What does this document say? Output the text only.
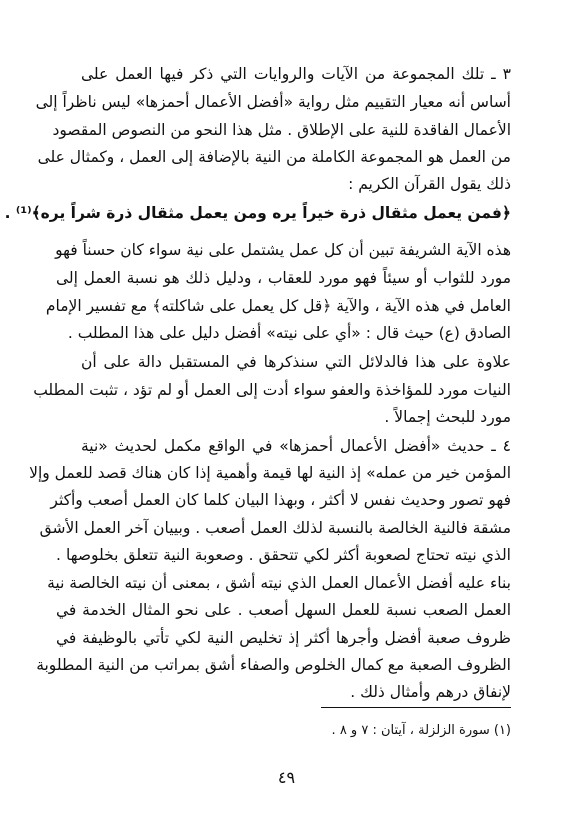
٣ ـ تلك المجموعة من الآيات والروايات التي ذكر فيها العمل على
أساس أنه معيار التقييم مثل رواية «أفضل الأعمال أحمزها» ليس ناظراً إلى
الأعمال الفاقدة للنية على الإطلاق . مثل هذا النحو من النصوص المقصود
من العمل هو المجموعة الكاملة من النية بالإضافة إلى العمل ، وكمثال على
ذلك يقول القرآن الكريم :
﴿فمن يعمل مثقال ذرة خيراً يره ومن يعمل مثقال ذرة شراً يره﴾⁽¹⁾ .
هذه الآية الشريفة تبين أن كل عمل يشتمل على نية سواء كان حسناً فهو
مورد للثواب أو سيئاً فهو مورد للعقاب ، ودليل ذلك هو نسبة العمل إلى
العامل في هذه الآية ، والآية ﴿قل كل يعمل على شاكلته﴾ مع تفسير الإمام
الصادق (ع) حيث قال : «أي على نيته» أفضل دليل على هذا المطلب .
علاوة على هذا فالدلائل التي سنذكرها في المستقبل دالة على أن
النيات مورد للمؤاخذة والعفو سواء أدت إلى العمل أو لم تؤد ، تثبت المطلب
مورد للبحث إجمالاً .
٤ ـ حديث «أفضل الأعمال أحمزها» في الواقع مكمل لحديث «نية
المؤمن خير من عمله» إذ النية لها قيمة وأهمية إذا كان هناك قصد للعمل وإلا
فهو تصور وحديث نفس لا أكثر ، وبهذا البيان كلما كان العمل أصعب وأكثر
مشقة فالنية الخالصة بالنسبة لذلك العمل أصعب . وبييان آخر العمل الأشق
الذي نيته تحتاج لصعوبة أكثر لكي تتحقق . وصعوبة النية تتعلق بخلوصها .
بناء عليه أفضل الأعمال العمل الذي نيته أشق ، بمعنى أن نيته الخالصة نية
العمل الصعب نسبة للعمل السهل أصعب . على نحو المثال الخدمة في
ظروف صعبة أفضل وأجرها أكثر إذ تخليص النية لكي تأتي بالوظيفة في
الظروف الصعبة مع كمال الخلوص والصفاء أشق بمراتب من النية المطلوبة
لإنفاق درهم وأمثال ذلك .
(١) سورة الزلزلة ، آيتان : ٧ و ٨ .
٤٩
